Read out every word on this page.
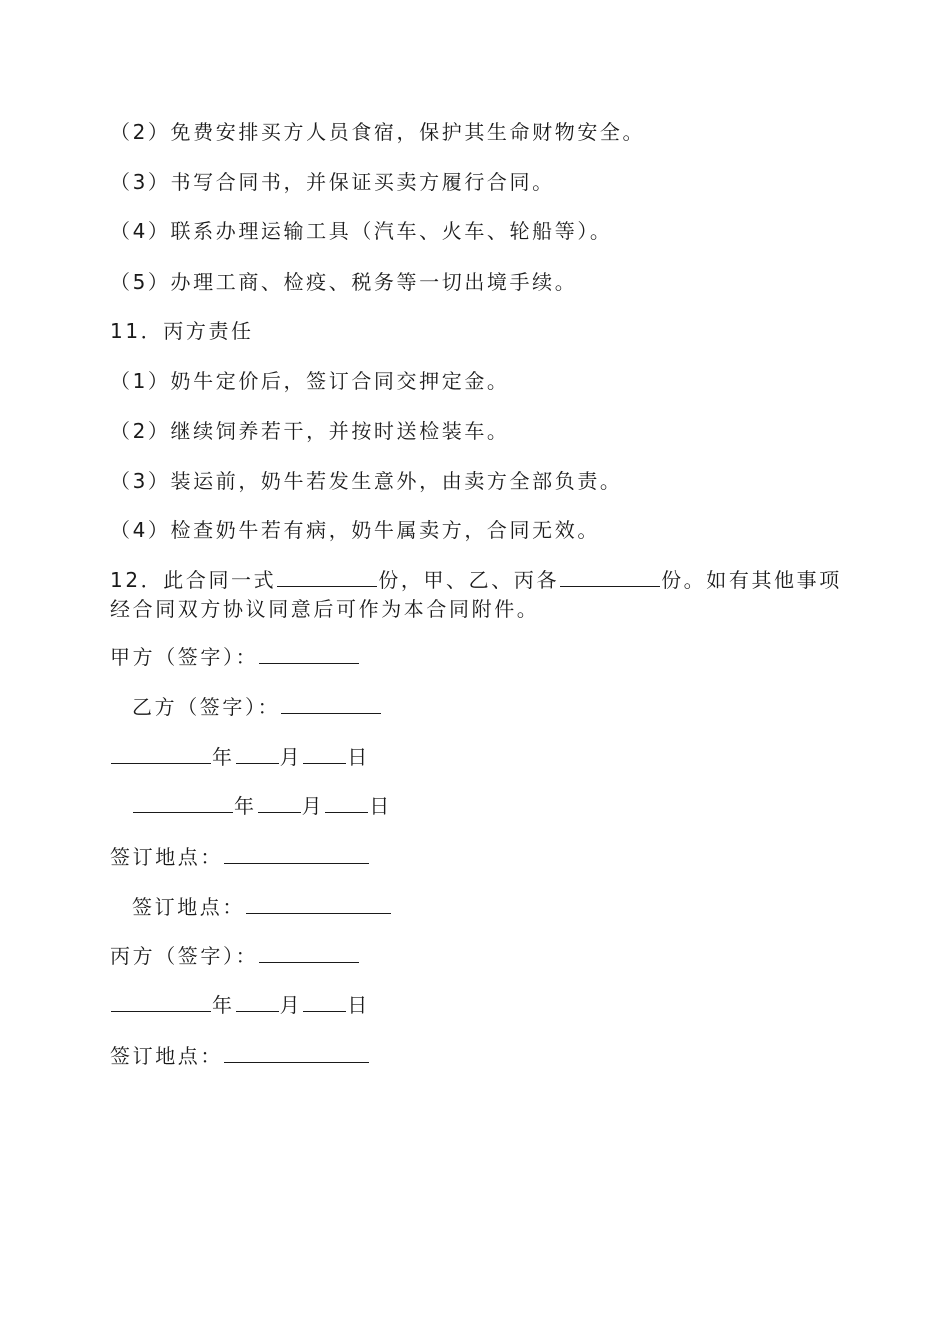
（2）免费安排买方人员食宿，保护其生命财物安全。
（3）书写合同书，并保证买卖方履行合同。
（4）联系办理运输工具（汽车、火车、轮船等）。
（5）办理工商、检疫、税务等一切出境手续。
11．丙方责任
（1）奶牛定价后，签订合同交押定金。
（2）继续饲养若干，并按时送检装车。
（3）装运前，奶牛若发生意外，由卖方全部负责。
（4）检查奶牛若有病，奶牛属卖方，合同无效。
12．此合同一式	份，甲、乙、丙各	份。如有其他事项经合同双方协议同意后可作为本合同附件。
甲方（签字）：
乙方（签字）：
年 月 日
年 月 日
签订地点：
签订地点：
丙方（签字）：
年 月 日
签订地点：
